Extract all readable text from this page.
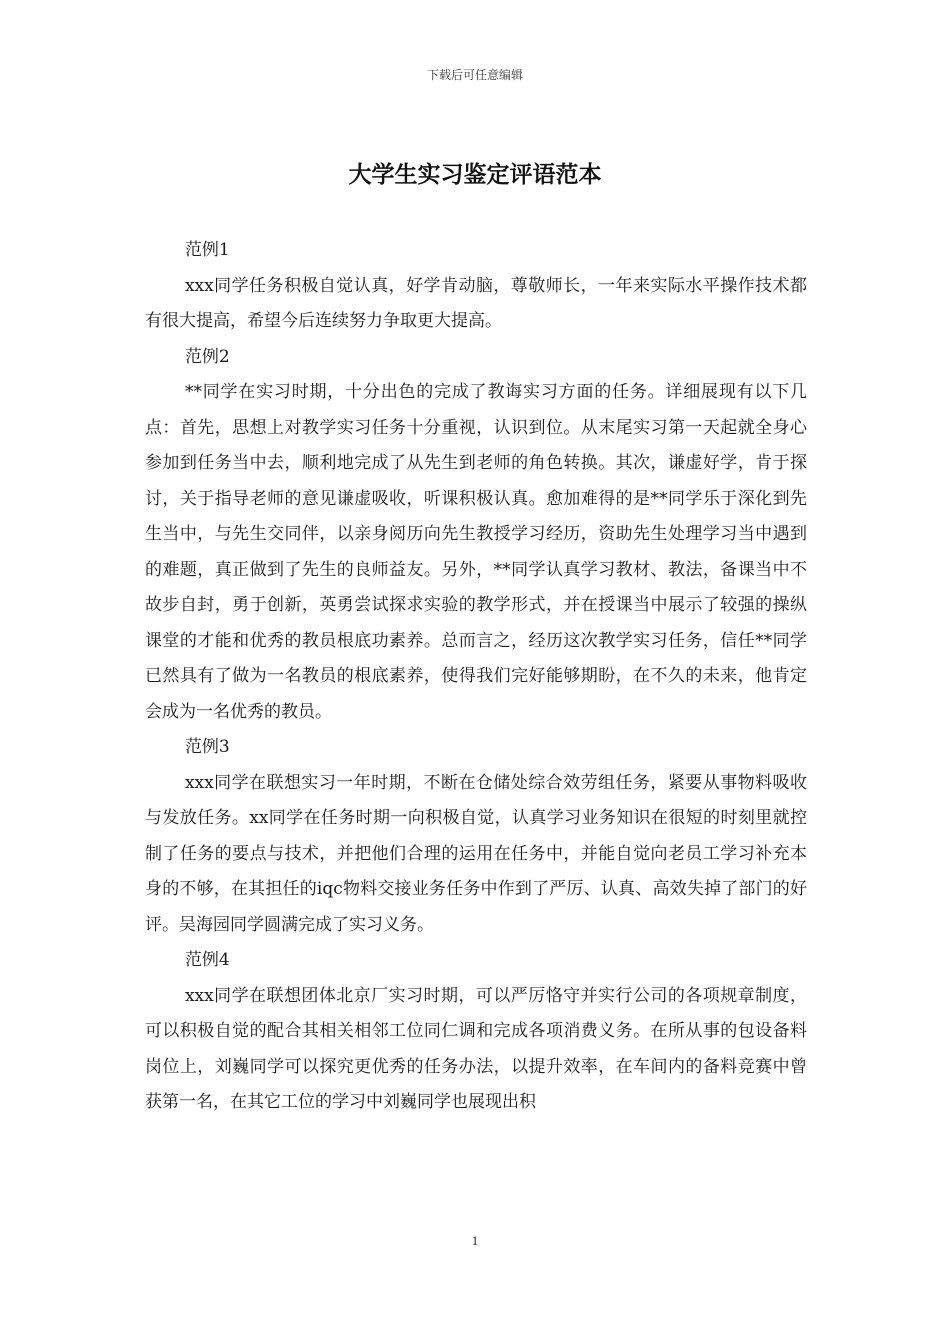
下载后可任意编辑
大学生实习鉴定评语范本

范例1

xxx同学任务积极自觉认真，好学肯动脑，尊敬师长，一年来实际水平操作技术都有很大提高，希望今后连续努力争取更大提高。

范例2

**同学在实习时期，十分出色的完成了教诲实习方面的任务。详细展现有以下几点：首先，思想上对教学实习任务十分重视，认识到位。从末尾实习第一天起就全身心参加到任务当中去，顺利地完成了从先生到老师的角色转换。其次，谦虚好学，肯于探讨，关于指导老师的意见谦虚吸收，听课积极认真。愈加难得的是**同学乐于深化到先生当中，与先生交同伴，以亲身阅历向先生教授学习经历，资助先生处理学习当中遇到的难题，真正做到了先生的良师益友。另外，**同学认真学习教材、教法，备课当中不故步自封，勇于创新，英勇尝试探求实验的教学形式，并在授课当中展示了较强的操纵课堂的才能和优秀的教员根底功素养。总而言之，经历这次教学实习任务，信任**同学已然具有了做为一名教员的根底素养，使得我们完好能够期盼，在不久的未来，他肯定会成为一名优秀的教员。

范例3

xxx同学在联想实习一年时期，不断在仓储处综合效劳组任务，紧要从事物料吸收与发放任务。xx同学在任务时期一向积极自觉，认真学习业务知识在很短的时刻里就控制了任务的要点与技术，并把他们合理的运用在任务中，并能自觉向老员工学习补充本身的不够，在其担任的iqc物料交接业务任务中作到了严厉、认真、高效失掉了部门的好评。吴海园同学圆满完成了实习义务。

范例4

xxx同学在联想团体北京厂实习时期，可以严厉恪守并实行公司的各项规章制度，可以积极自觉的配合其相关相邻工位同仁调和完成各项消费义务。在所从事的包设备料岗位上，刘巍同学可以探究更优秀的任务办法，以提升效率，在车间内的备料竞赛中曾获第一名，在其它工位的学习中刘巍同学也展现出积

1
